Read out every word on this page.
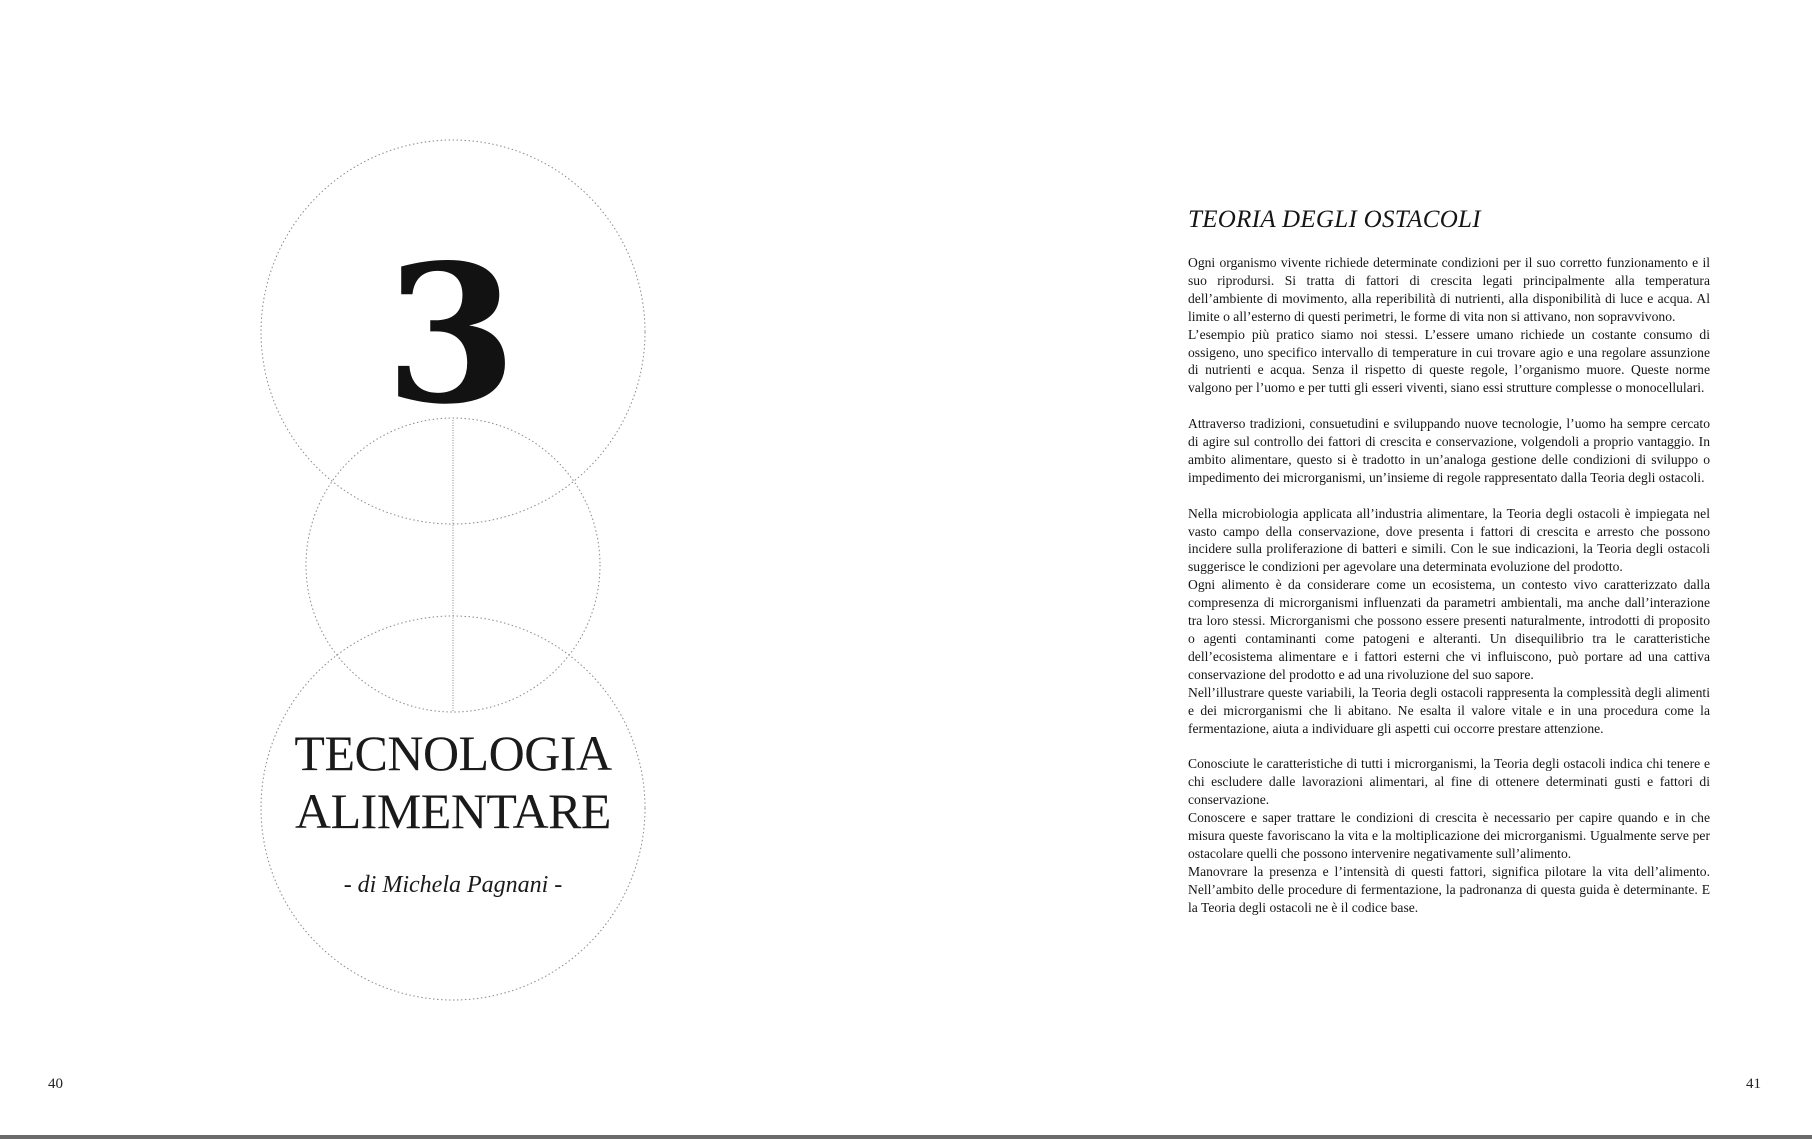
3
TECNOLOGIA
ALIMENTARE
- di Michela Pagnani -
40
TEORIA DEGLI OSTACOLI

Ogni organismo vivente richiede determinate condizioni per il suo corretto funzionamento e il suo riprodursi. Si tratta di fattori di crescita legati principalmente alla temperatura dell’ambiente di movimento, alla reperibilità di nutrienti, alla disponibilità di luce e acqua. Al limite o all’esterno di questi perimetri, le forme di vita non si attivano, non sopravvivono.
L’esempio più pratico siamo noi stessi. L’essere umano richiede un costante consumo di ossigeno, uno specifico intervallo di temperature in cui trovare agio e una regolare assunzione di nutrienti e acqua. Senza il rispetto di queste regole, l’organismo muore. Queste norme valgono per l’uomo e per tutti gli esseri viventi, siano essi strutture complesse o monocellulari.

Attraverso tradizioni, consuetudini e sviluppando nuove tecnologie, l’uomo ha sempre cercato di agire sul controllo dei fattori di crescita e conservazione, volgendoli a proprio vantaggio. In ambito alimentare, questo si è tradotto in un’analoga gestione delle condizioni di sviluppo o impedimento dei microrganismi, un’insieme di regole rappresentato dalla Teoria degli ostacoli.

Nella microbiologia applicata all’industria alimentare, la Teoria degli ostacoli è impiegata nel vasto campo della conservazione, dove presenta i fattori di crescita e arresto che possono incidere sulla proliferazione di batteri e simili. Con le sue indicazioni, la Teoria degli ostacoli suggerisce le condizioni per agevolare una determinata evoluzione del prodotto.
Ogni alimento è da considerare come un ecosistema, un contesto vivo caratterizzato dalla compresenza di microrganismi influenzati da parametri ambientali, ma anche dall’interazione tra loro stessi. Microrganismi che possono essere presenti naturalmente, introdotti di proposito o agenti contaminanti come patogeni e alteranti. Un disequilibrio tra le caratteristiche dell’ecosistema alimentare e i fattori esterni che vi influiscono, può portare ad una cattiva conservazione del prodotto e ad una rivoluzione del suo sapore.
Nell’illustrare queste variabili, la Teoria degli ostacoli rappresenta la complessità degli alimenti e dei microrganismi che li abitano. Ne esalta il valore vitale e in una procedura come la fermentazione, aiuta a individuare gli aspetti cui occorre prestare attenzione.

Conosciute le caratteristiche di tutti i microrganismi, la Teoria degli ostacoli indica chi tenere e chi escludere dalle lavorazioni alimentari, al fine di ottenere determinati gusti e fattori di conservazione.
Conoscere e saper trattare le condizioni di crescita è necessario per capire quando e in che misura queste favoriscano la vita e la moltiplicazione dei microrganismi. Ugualmente serve per ostacolare quelli che possono intervenire negativamente sull’alimento.
Manovrare la presenza e l’intensità di questi fattori, significa pilotare la vita dell’alimento. Nell’ambito delle procedure di fermentazione, la padronanza di questa guida è determinante. E la Teoria degli ostacoli ne è il codice base.

41
